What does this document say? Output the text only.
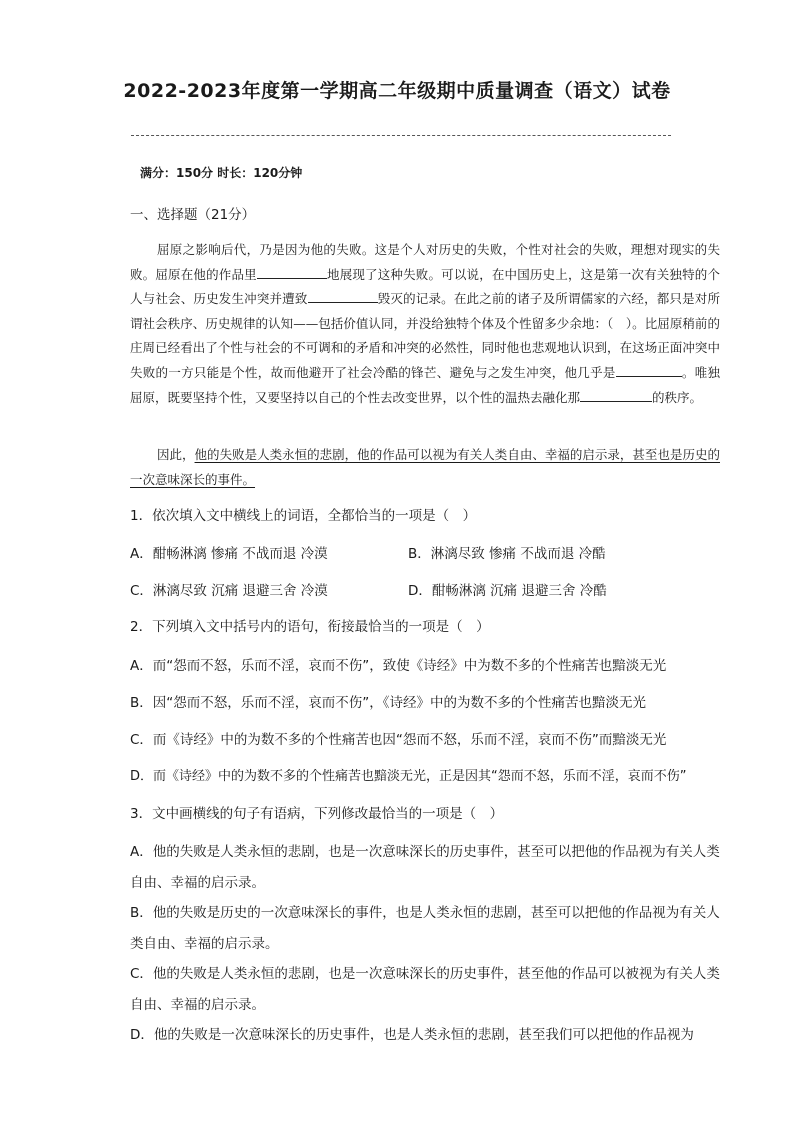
2022-2023年度第一学期高二年级期中质量调查（语文）试卷
满分：150分 时长：120分钟
一、选择题（21分）

屈原之影响后代，乃是因为他的失败。这是个人对历史的失败，个性对社会的失败，理想对现实的失败。屈原在他的作品里	地展现了这种失败。可以说，在中国历史上，这是第一次有关独特的个人与社会、历史发生冲突并遭致	毁灭的记录。在此之前的诸子及所谓儒家的六经，都只是对所谓社会秩序、历史规律的认知——包括价值认同，并没给独特个体及个性留多少余地：（　）。比屈原稍前的庄周已经看出了个性与社会的不可调和的矛盾和冲突的必然性，同时他也悲观地认识到，在这场正面冲突中失败的一方只能是个性，故而他避开了社会冷酷的锋芒、避免与之发生冲突，他几乎是	。唯独屈原，既要坚持个性，又要坚持以自己的个性去改变世界，以个性的温热去融化那	的秩序。

因此，他的失败是人类永恒的悲剧，他的作品可以视为有关人类自由、幸福的启示录，甚至也是历史的一次意味深长的事件。

1．依次填入文中横线上的词语，全都恰当的一项是（　）

A．酣畅淋漓 惨痛 不战而退 冷漠	B．淋漓尽致 惨痛 不战而退 冷酷

C．淋漓尽致 沉痛 退避三舍 冷漠	D．酣畅淋漓 沉痛 退避三舍 冷酷

2．下列填入文中括号内的语句，衔接最恰当的一项是（　）

A．而“怨而不怒，乐而不淫，哀而不伤”，致使《诗经》中为数不多的个性痛苦也黯淡无光

B．因“怨而不怒，乐而不淫，哀而不伤”，《诗经》中的为数不多的个性痛苦也黯淡无光

C．而《诗经》中的为数不多的个性痛苦也因“怨而不怒，乐而不淫，哀而不伤”而黯淡无光

D．而《诗经》中的为数不多的个性痛苦也黯淡无光，正是因其“怨而不怒，乐而不淫，哀而不伤”

3．文中画横线的句子有语病，下列修改最恰当的一项是（　）

A．他的失败是人类永恒的悲剧，也是一次意味深长的历史事件，甚至可以把他的作品视为有关人类自由、幸福的启示录。

B．他的失败是历史的一次意味深长的事件，也是人类永恒的悲剧，甚至可以把他的作品视为有关人类自由、幸福的启示录。

C．他的失败是人类永恒的悲剧，也是一次意味深长的历史事件，甚至他的作品可以被视为有关人类自由、幸福的启示录。

D．他的失败是一次意味深长的历史事件，也是人类永恒的悲剧，甚至我们可以把他的作品视为
